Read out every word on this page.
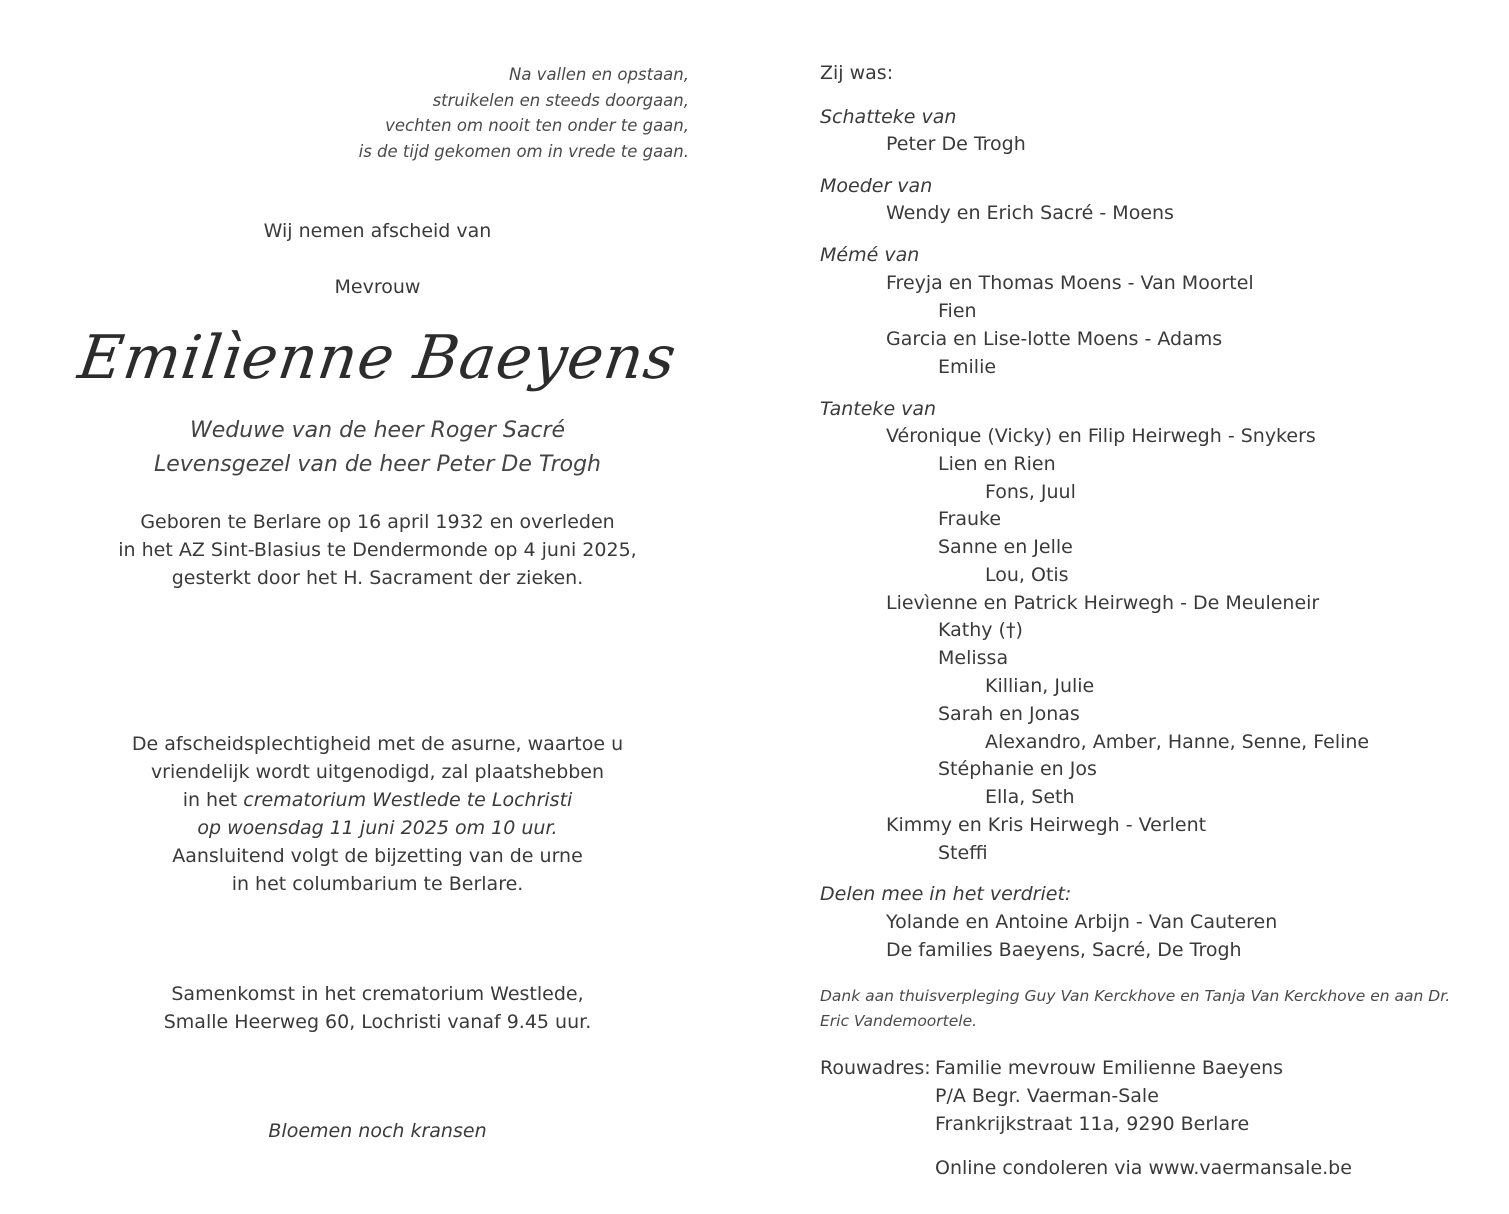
Na vallen en opstaan,
struikelen en steeds doorgaan,
vechten om nooit ten onder te gaan,
is de tijd gekomen om in vrede te gaan.
Wij nemen afscheid van
Mevrouw
Emilìenne Baeyens
Weduwe van de heer Roger Sacré
Levensgezel van de heer Peter De Trogh
Geboren te Berlare op 16 april 1932 en overleden
in het AZ Sint-Blasius te Dendermonde op 4 juni 2025,
gesterkt door het H. Sacrament der zieken.
De afscheidsplechtigheid met de asurne, waartoe u
vriendelijk wordt uitgenodigd, zal plaatshebben
in het crematorium Westlede te Lochristi
op woensdag 11 juni 2025 om 10 uur.
Aansluitend volgt de bijzetting van de urne
in het columbarium te Berlare.
Samenkomst in het crematorium Westlede,
Smalle Heerweg 60, Lochristi vanaf 9.45 uur.
Bloemen noch kransen
Zij was:
Schatteke van
Peter De Trogh
Moeder van
Wendy en Erich Sacré - Moens
Mémé van
Freyja en Thomas Moens - Van Moortel
Fien
Garcia en Lise-lotte Moens - Adams
Emilie
Tanteke van
Véronique (Vicky) en Filip Heirwegh - Snykers
Lien en Rien
Fons, Juul
Frauke
Sanne en Jelle
Lou, Otis
Lievìenne en Patrick Heirwegh - De Meuleneir
Kathy (†)
Melissa
Killian, Julie
Sarah en Jonas
Alexandro, Amber, Hanne, Senne, Feline
Stéphanie en Jos
Ella, Seth
Kimmy en Kris Heirwegh - Verlent
Steffi
Delen mee in het verdriet:
Yolande en Antoine Arbijn - Van Cauteren
De families Baeyens, Sacré, De Trogh
Dank aan thuisverpleging Guy Van Kerckhove en Tanja Van Kerckhove en aan Dr. Eric Vandemoortele.
Rouwadres: Familie mevrouw Emilienne Baeyens
P/A Begr. Vaerman-Sale
Frankrijkstraat 11a, 9290 Berlare
Online condoleren via www.vaermansale.be
